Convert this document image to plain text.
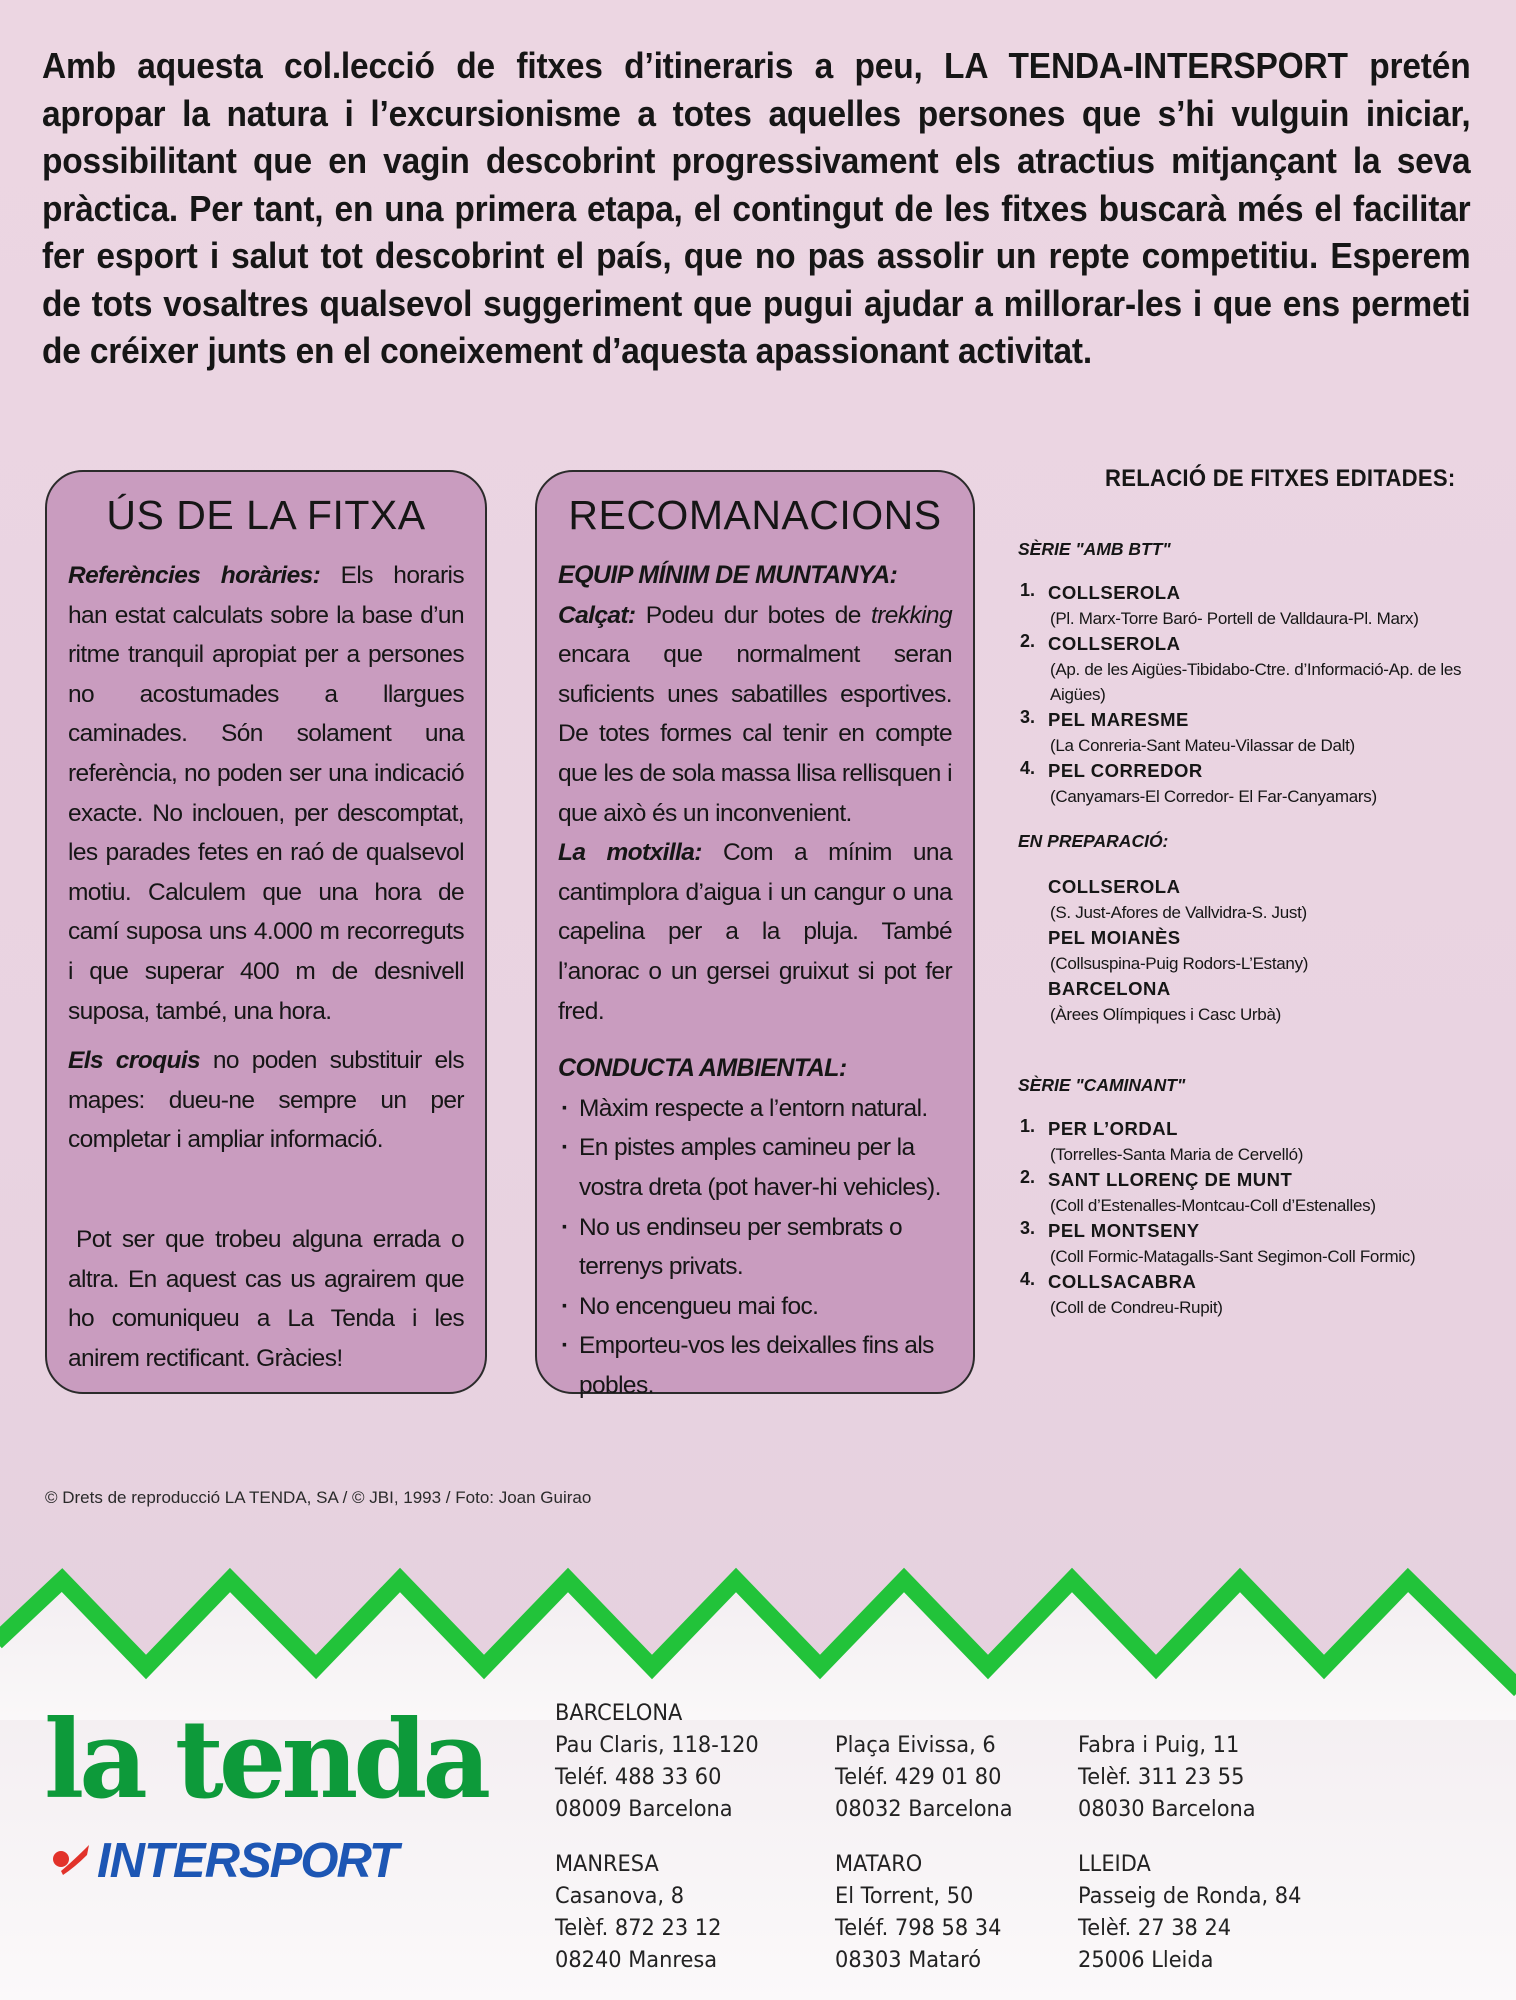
Amb aquesta col.lecció de fitxes d’itineraris a peu, LA TENDA-INTERSPORT pretén apropar la natura i l’excursionisme a totes aquelles persones que s’hi vulguin iniciar, possibilitant que en vagin descobrint progressivament els atractius mitjançant la seva pràctica. Per tant, en una primera etapa, el contingut de les fitxes buscarà més el facilitar fer esport i salut tot descobrint el país, que no pas assolir un repte competitiu. Esperem de tots vosaltres qualsevol suggeriment que pugui ajudar a millorar-les i que ens permeti de créixer junts en el coneixement d’aquesta apassionant activitat.

ÚS DE LA FITXA

Referències horàries: Els horaris han estat calculats sobre la base d’un ritme tranquil apropiat per a persones no acostumades a llargues caminades. Són solament una referència, no poden ser una indicació exacte. No inclouen, per descomptat, les parades fetes en raó de qualsevol motiu. Calculem que una hora de camí suposa uns 4.000 m recorreguts i que superar 400 m de desnivell suposa, també, una hora.

Els croquis no poden substituir els mapes: dueu-ne sempre un per completar i ampliar informació.

Pot ser que trobeu alguna errada o altra. En aquest cas us agrairem que ho comuniqueu a La Tenda i les anirem rectificant. Gràcies!

RECOMANACIONS

EQUIP MÍNIM DE MUNTANYA:

Calçat: Podeu dur botes de trekking encara que normalment seran suficients unes sabatilles esportives. De totes formes cal tenir en compte que les de sola massa llisa rellisquen i que això és un inconvenient.

La motxilla: Com a mínim una cantimplora d’aigua i un cangur o una capelina per a la pluja. També l’anorac o un gersei gruixut si pot fer fred.

CONDUCTA AMBIENTAL:

· Màxim respecte a l’entorn natural.
· En pistes amples camineu per la vostra dreta (pot haver-hi vehicles).
· No us endinseu per sembrats o terrenys privats.
· No encengueu mai foc.
· Emporteu-vos les deixalles fins als pobles.
RELACIÓ DE FITXES EDITADES:
SÈRIE "AMB BTT"
1. COLLSEROLA
(Pl. Marx-Torre Baró- Portell de Valldaura-Pl. Marx)
2. COLLSEROLA
(Ap. de les Aigües-Tibidabo-Ctre. d’Informació-Ap. de les Aigües)
3. PEL MARESME
(La Conreria-Sant Mateu-Vilassar de Dalt)
4. PEL CORREDOR
(Canyamars-El Corredor- El Far-Canyamars)
EN PREPARACIÓ:
COLLSEROLA
(S. Just-Afores de Vallvidra-S. Just)
PEL MOIANÈS
(Collsuspina-Puig Rodors-L’Estany)
BARCELONA
(Àrees Olímpiques i Casc Urbà)
SÈRIE "CAMINANT"
1. PER L’ORDAL
(Torrelles-Santa Maria de Cervelló)
2. SANT LLORENÇ DE MUNT
(Coll d’Estenalles-Montcau-Coll d’Estenalles)
3. PEL MONTSENY
(Coll Formic-Matagalls-Sant Segimon-Coll Formic)
4. COLLSACABRA
(Coll de Condreu-Rupit)
© Drets de reproducció LA TENDA, SA / © JBI, 1993 / Foto: Joan Guirao
la tenda
INTER SPORT
BARCELONA
Pau Claris, 118-120
Teléf. 488 33 60
08009 Barcelona
Plaça Eivissa, 6
Teléf. 429 01 80
08032 Barcelona
Fabra i Puig, 11
Telèf. 311 23 55
08030 Barcelona
MANRESA
Casanova, 8
Telèf. 872 23 12
08240 Manresa
MATARO
El Torrent, 50
Teléf. 798 58 34
08303 Mataró
LLEIDA
Passeig de Ronda, 84
Telèf. 27 38 24
25006 Lleida
